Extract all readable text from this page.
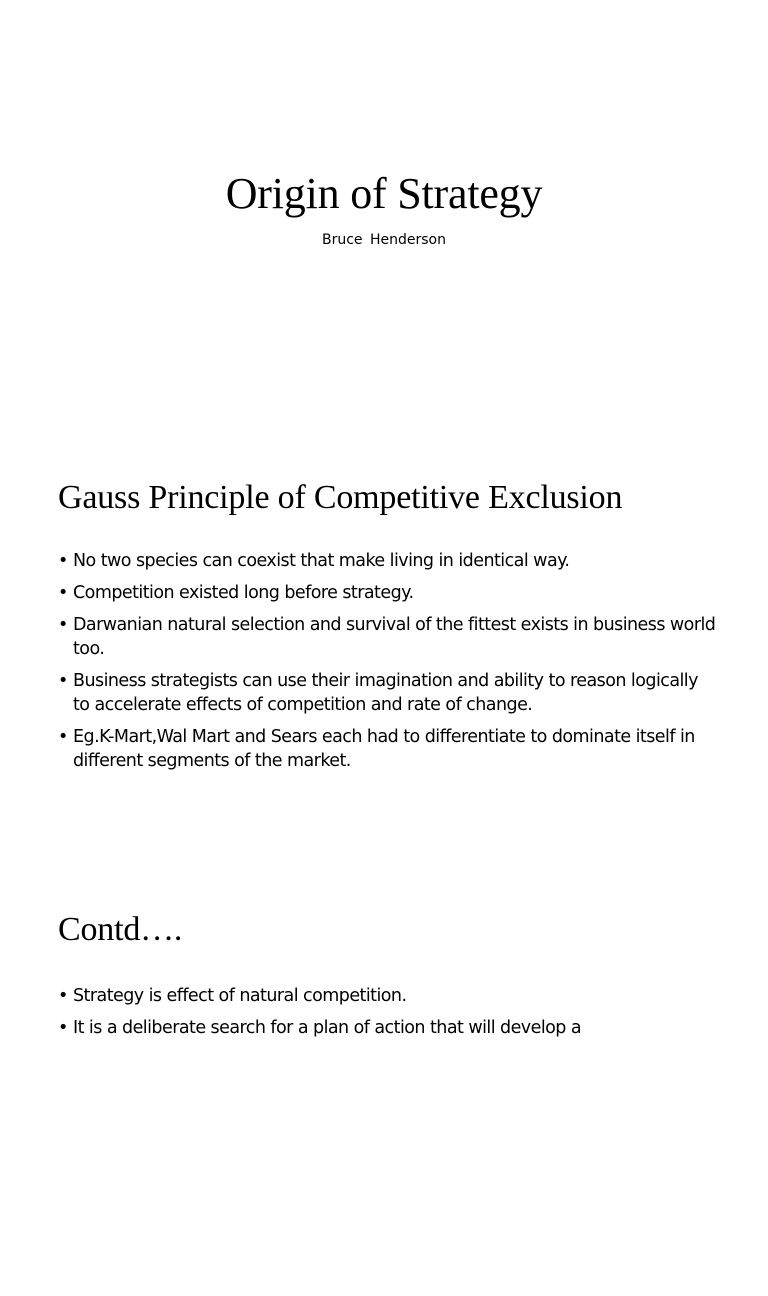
Origin of Strategy
Bruce Henderson
Gauss Principle of Competitive Exclusion
• No two species can coexist that make living in identical way.
• Competition existed long before strategy.
• Darwanian natural selection and survival of the fittest exists in business world too.
• Business strategists can use their imagination and ability to reason logically to accelerate effects of competition and rate of change.
• Eg.K-Mart,Wal Mart and Sears each had to differentiate to dominate itself in different segments of the market.
Contd….
• Strategy is effect of natural competition.
• It is a deliberate search for a plan of action that will develop a
